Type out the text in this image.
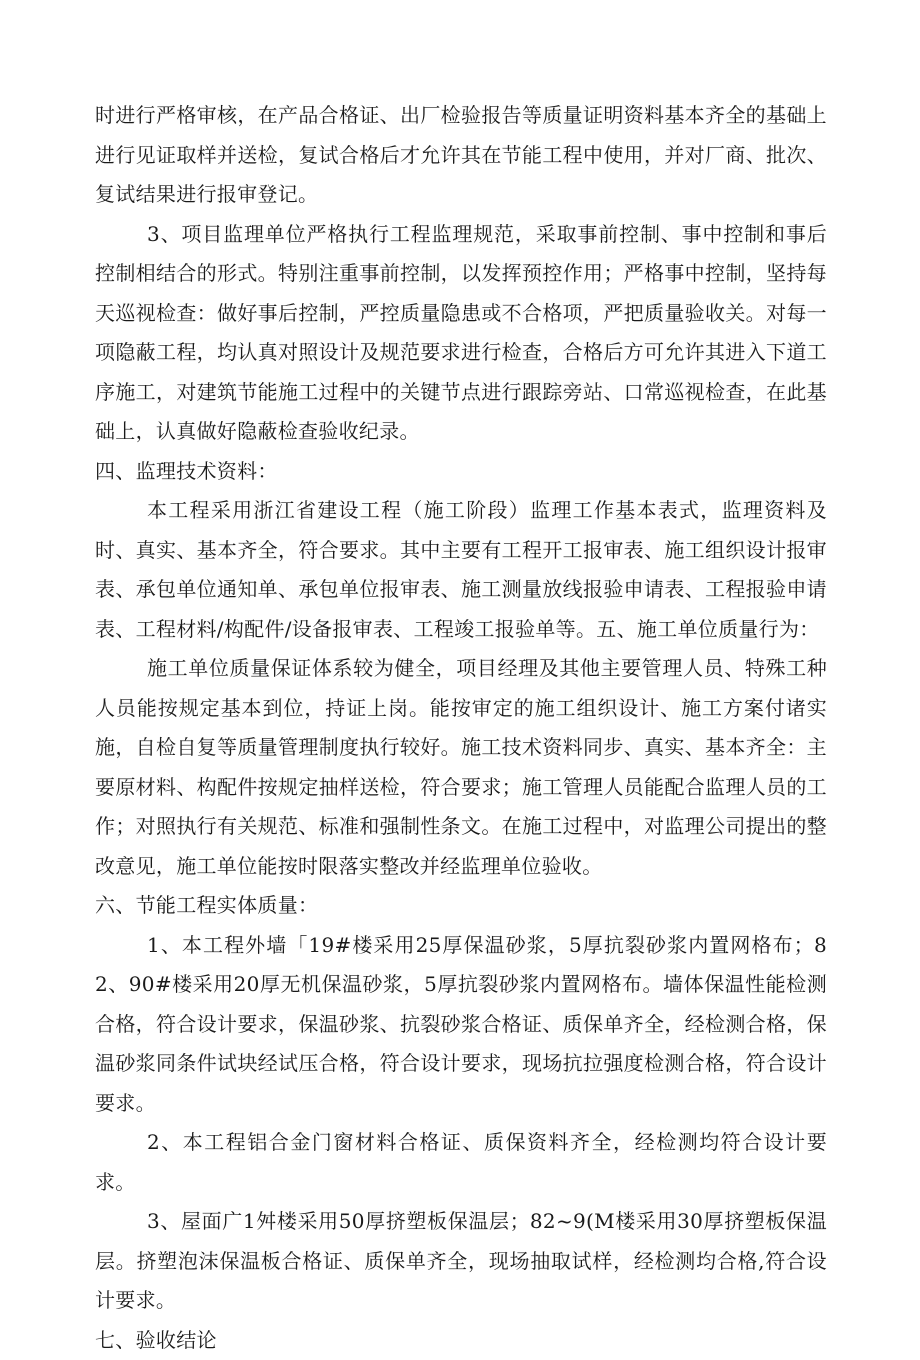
时进行严格审核，在产品合格证、出厂检验报告等质量证明资料基本齐全的基础上进行见证取样并送检，复试合格后才允许其在节能工程中使用，并对厂商、批次、复试结果进行报审登记。

3、项目监理单位严格执行工程监理规范，采取事前控制、事中控制和事后控制相结合的形式。特别注重事前控制，以发挥预控作用；严格事中控制，坚持每天巡视检查：做好事后控制，严控质量隐患或不合格项，严把质量验收关。对每一项隐蔽工程，均认真对照设计及规范要求进行检查，合格后方可允许其进入下道工序施工，对建筑节能施工过程中的关键节点进行跟踪旁站、口常巡视检查，在此基础上，认真做好隐蔽检查验收纪录。

四、监理技术资料：

本工程采用浙江省建设工程（施工阶段）监理工作基本表式，监理资料及时、真实、基本齐全，符合要求。其中主要有工程开工报审表、施工组织设计报审表、承包单位通知单、承包单位报审表、施工测量放线报验申请表、工程报验申请表、工程材料/构配件/设备报审表、工程竣工报验单等。五、施工单位质量行为：

施工单位质量保证体系较为健全，项目经理及其他主要管理人员、特殊工种人员能按规定基本到位，持证上岗。能按审定的施工组织设计、施工方案付诸实施，自检自复等质量管理制度执行较好。施工技术资料同步、真实、基本齐全：主要原材料、构配件按规定抽样送检，符合要求；施工管理人员能配合监理人员的工作；对照执行有关规范、标准和强制性条文。在施工过程中，对监理公司提出的整改意见，施工单位能按时限落实整改并经监理单位验收。

六、节能工程实体质量：

1、本工程外墙「19#楼采用25厚保温砂浆，5厚抗裂砂浆内置网格布；82、90#楼采用20厚无机保温砂浆，5厚抗裂砂浆内置网格布。墙体保温性能检测合格，符合设计要求，保温砂浆、抗裂砂浆合格证、质保单齐全，经检测合格，保温砂浆同条件试块经试压合格，符合设计要求，现场抗拉强度检测合格，符合设计要求。

2、本工程铝合金门窗材料合格证、质保资料齐全，经检测均符合设计要求。

3、屋面广1舛楼采用50厚挤塑板保温层；82~9(M楼采用30厚挤塑板保温层。挤塑泡沫保温板合格证、质保单齐全，现场抽取试样，经检测均合格,符合设计要求。

七、验收结论
